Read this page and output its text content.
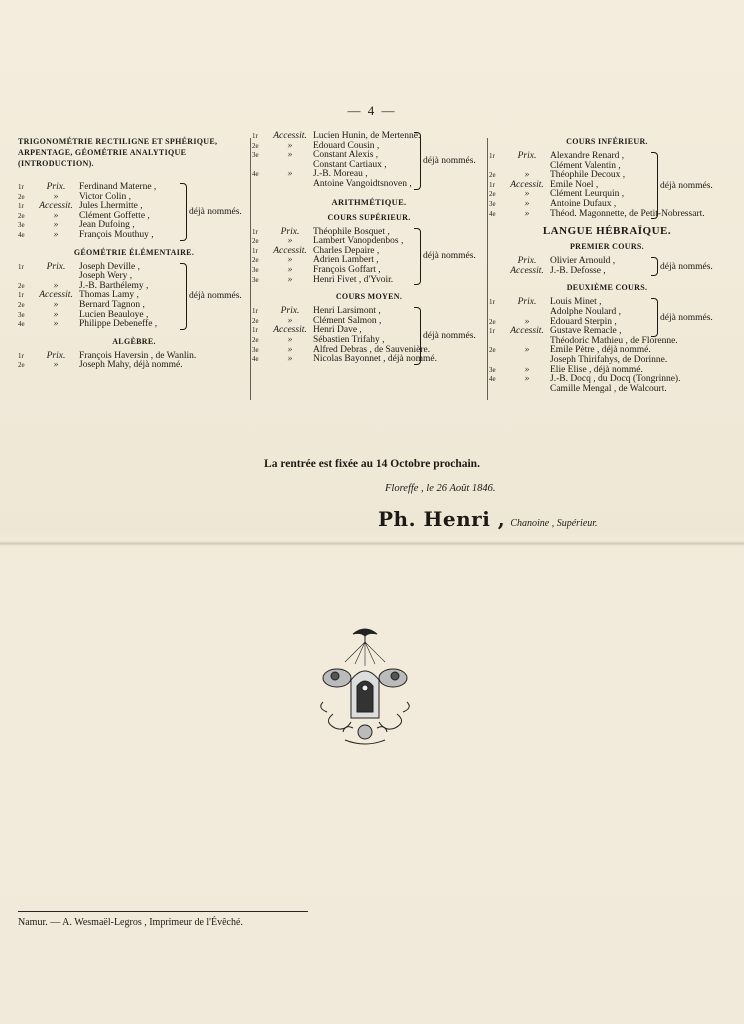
— 4 —
TRIGONOMÉTRIE RECTILIGNE ET SPHÉRIQUE, ARPENTAGE, GÉOMÉTRIE ANALYTIQUE (INTRODUCTION).
1r	Prix.	Ferdinand Materne ,
2e	»	Victor Colin ,
1r	Accessit. Jules Lhermitte ,
2e	»	Clément Goffette ,
3e	»	Jean Dufoing ,
4e	»	François Mouthuy ,
déjà nommés.
GÉOMÉTRIE ÉLÉMENTAIRE.
1r	Prix.	Joseph Deville ,
Joseph Wery ,
2e	»	J.-B. Barthélemy ,
1r	Accessit. Thomas Lamy ,
2e	»	Bernard Tagnon ,
3e	»	Lucien Beauloye ,
4e	»	Philippe Debeneffe ,
déjà nommés.
ALGÈBRE.
1r	Prix.	François Haversin , de Wanlin.
2e	»	Joseph Mahy, déjà nommé.
1r	Accessit. Lucien Hunin, de Mertenne.
2e	»	Edouard Cousin ,
3e	»	Constant Alexis ,
Constant Cartiaux ,
4e	»	J.-B. Moreau ,
Antoine Vangoidtsnoven ,
déjà nommés.
ARITHMÉTIQUE.
COURS SUPÉRIEUR.
1r	Prix.	Théophile Bosquet ,
2e	»	Lambert Vanopdenbos ,
1r	Accessit. Charles Depaire ,
2e	»	Adrien Lambert ,
3e	»	François Goffart ,
3e	»	Henri Fivet , d'Yvoir.
déjà nommés.
COURS MOYEN.
1r	Prix.	Henri Larsimont ,
2e	»	Clément Salmon ,
1r	Accessit. Henri Dave ,
2e	»	Sébastien Trifahy ,
3e	»	Alfred Debras , de Sauvenière.
4e	»	Nicolas Bayonnet , déjà nommé.
déjà nommés.
COURS INFÉRIEUR.
1r	Prix.	Alexandre Renard ,
Clément Valentin ,
2e	»	Théophile Decoux ,
1r	Accessit. Emile Noel ,
2e	»	Clément Leurquin ,
3e	»	Antoine Dufaux ,
4e	»	Théod. Magonnette, de Petit-Nobressart.
déjà nommés.
LANGUE HÉBRAÏQUE.
PREMIER COURS.
Prix.	Olivier Arnould ,
Accessit. J.-B. Defosse ,	déjà nommés.
DEUXIÈME COURS.
1r	Prix.	Louis Minet ,
Adolphe Noulard ,
2e	»	Edouard Sterpin ,
1r	Accessit. Gustave Remacle ,
déjà nommés.
Théodoric Mathieu , de Florenne.
2e	»	Emile Pètre , déjà nommé.
Joseph Thirifahys, de Dorinne.
3e	»	Elie Elise , déjà nommé.
4e	»	J.-B. Docq , du Docq (Tongrinne).
Camille Mengal , de Walcourt.
La rentrée est fixée au 14 Octobre prochain.
Floreffe , le 26 Août 1846.
Ph. Henri , Chanoine , Supérieur.
Namur. — A. Wesmaël-Legros , Imprimeur de l'Évêché.
